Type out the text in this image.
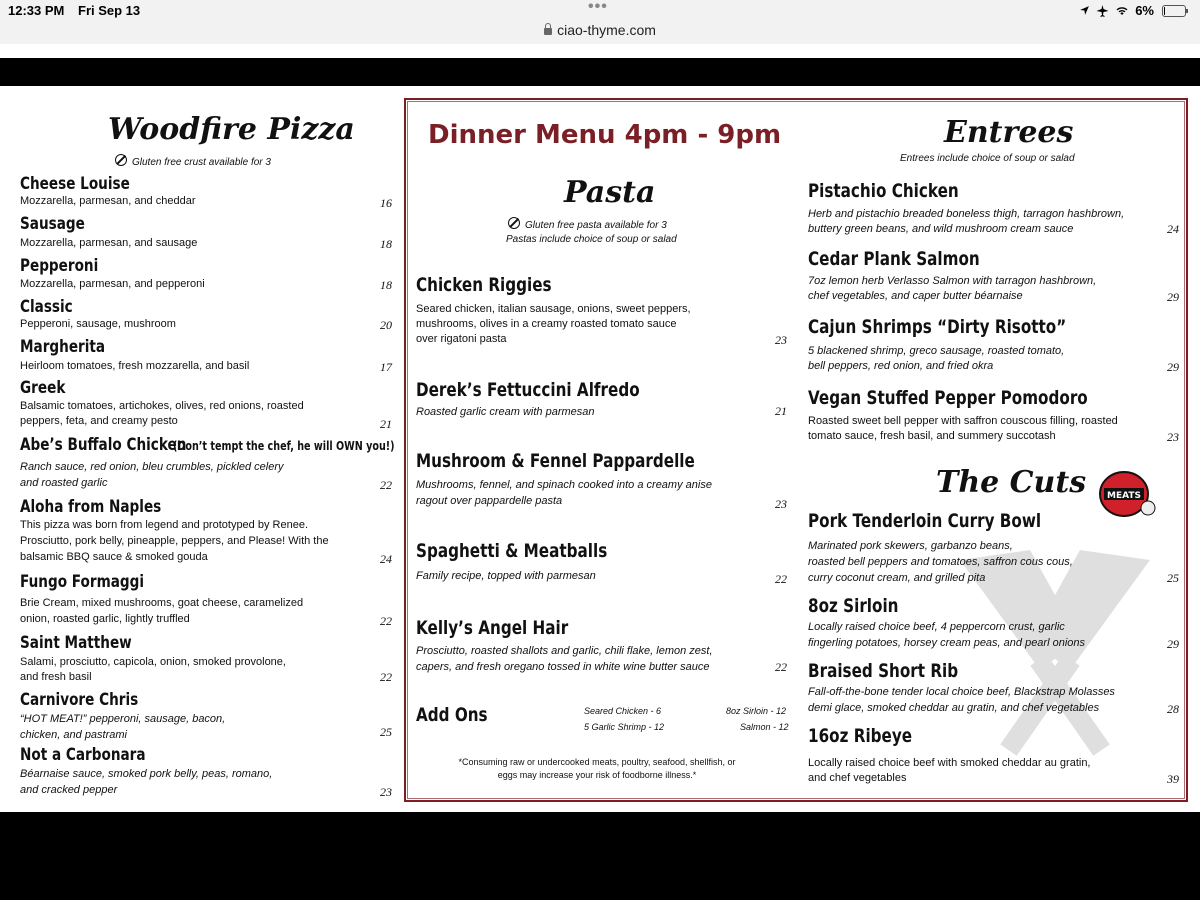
12:33 PM Fri Sep 13	•••	6%
ciao-thyme.com
Woodfire Pizza
Gluten free crust available for 3
Cheese Louise
Mozzarella, parmesan, and cheddar	16
Sausage
Mozzarella, parmesan, and sausage	18
Pepperoni
Mozzarella, parmesan, and pepperoni	18
Classic
Pepperoni, sausage, mushroom	20
Margherita
Heirloom tomatoes, fresh mozzarella, and basil	17
Greek
Balsamic tomatoes, artichokes, olives, red onions, roasted
peppers, feta, and creamy pesto	21
Abe’s Buffalo Chicken
(Don’t tempt the chef, he will OWN you!)
Ranch sauce, red onion, bleu crumbles, pickled celery
and roasted garlic	22
Aloha from Naples
This pizza was born from legend and prototyped by Renee.
Prosciutto, pork belly, pineapple, peppers, and Please! With the
balsamic BBQ sauce & smoked gouda	24
Fungo Formaggi
Brie Cream, mixed mushrooms, goat cheese, caramelized
onion, roasted garlic, lightly truffled	22
Saint Matthew
Salami, prosciutto, capicola, onion, smoked provolone,
and fresh basil	22
Carnivore Chris
“HOT MEAT!” pepperoni, sausage, bacon,
chicken, and pastrami	25
Not a Carbonara
Béarnaise sauce, smoked pork belly, peas, romano,
and cracked pepper	23
Dinner Menu 4pm - 9pm
Pasta
Gluten free pasta available for 3
Pastas include choice of soup or salad
Chicken Riggies
Seared chicken, italian sausage, onions, sweet peppers,
mushrooms, olives in a creamy roasted tomato sauce
over rigatoni pasta	23
Derek’s Fettuccini Alfredo
Roasted garlic cream with parmesan	21
Mushroom & Fennel Pappardelle
Mushrooms, fennel, and spinach cooked into a creamy anise
ragout over pappardelle pasta	23
Spaghetti & Meatballs
Family recipe, topped with parmesan	22
Kelly’s Angel Hair
Prosciutto, roasted shallots and garlic, chili flake, lemon zest,
capers, and fresh oregano tossed in white wine butter sauce	22
Add Ons	Seared Chicken - 6
5 Garlic Shrimp - 12
8oz Sirloin - 12
Salmon - 12
*Consuming raw or undercooked meats, poultry, seafood, shellfish, or
eggs may increase your risk of foodborne illness.*
Entrees
Entrees include choice of soup or salad
Pistachio Chicken
Herb and pistachio breaded boneless thigh, tarragon hashbrown,
buttery green beans, and wild mushroom cream sauce	24
Cedar Plank Salmon
7oz lemon herb Verlasso Salmon with tarragon hashbrown,
chef vegetables, and caper butter béarnaise	29
Cajun Shrimps “Dirty Risotto”
5 blackened shrimp, greco sausage, roasted tomato,
bell peppers, red onion, and fried okra	29
Vegan Stuffed Pepper Pomodoro
Roasted sweet bell pepper with saffron couscous filling, roasted
tomato sauce, fresh basil, and summery succotash	23
The Cuts MEATS
Pork Tenderloin Curry Bowl
Marinated pork skewers, garbanzo beans,
roasted bell peppers and tomatoes, saffron cous cous,
curry coconut cream, and grilled pita	25
8oz Sirloin
Locally raised choice beef, 4 peppercorn crust, garlic
fingerling potatoes, horsey cream peas, and pearl onions	29
Braised Short Rib
Fall-off-the-bone tender local choice beef, Blackstrap Molasses
demi glace, smoked cheddar au gratin, and chef vegetables	28
16oz Ribeye
Locally raised choice beef with smoked cheddar au gratin,
and chef vegetables	39
